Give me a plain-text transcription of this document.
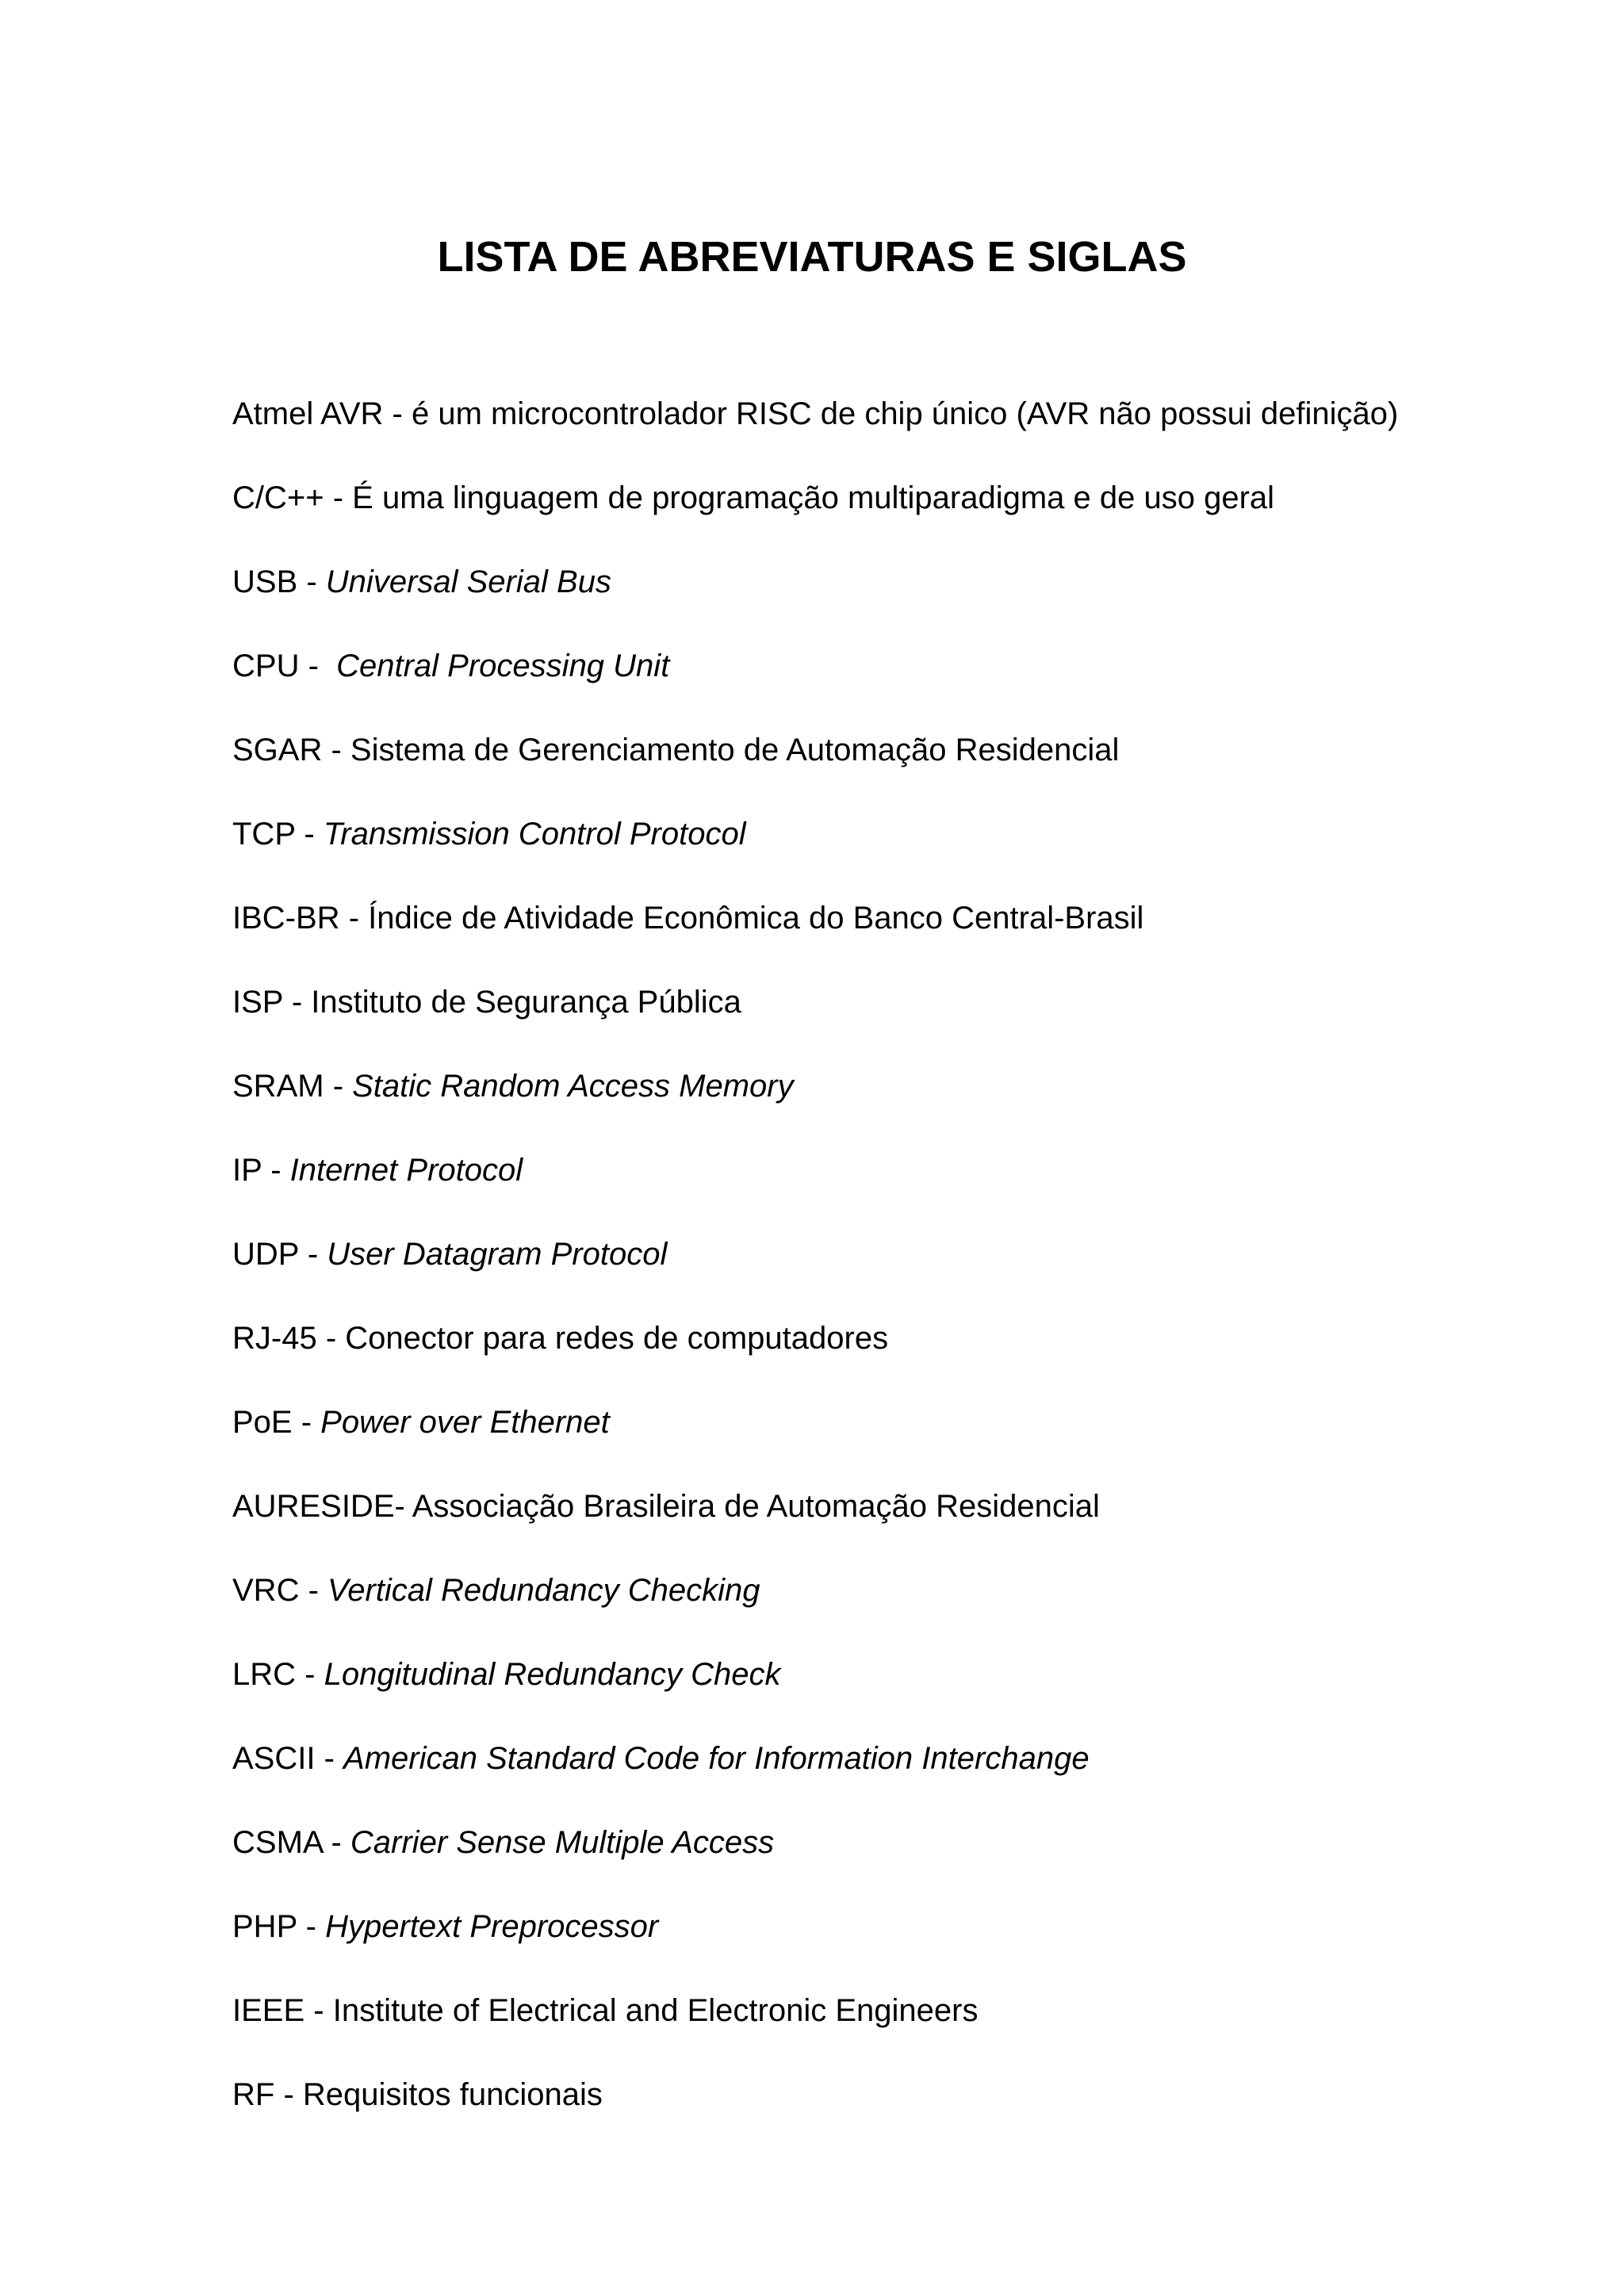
LISTA DE ABREVIATURAS E SIGLAS
Atmel AVR - é um microcontrolador RISC de chip único (AVR não possui definição)
C/C++ - É uma linguagem de programação multiparadigma e de uso geral
USB - Universal Serial Bus
CPU -  Central Processing Unit
SGAR - Sistema de Gerenciamento de Automação Residencial
TCP - Transmission Control Protocol
IBC-BR - Índice de Atividade Econômica do Banco Central-Brasil
ISP - Instituto de Segurança Pública
SRAM - Static Random Access Memory
IP - Internet Protocol
UDP - User Datagram Protocol
RJ-45 - Conector para redes de computadores
PoE - Power over Ethernet
AURESIDE- Associação Brasileira de Automação Residencial
VRC - Vertical Redundancy Checking
LRC - Longitudinal Redundancy Check
ASCII - American Standard Code for Information Interchange
CSMA - Carrier Sense Multiple Access
PHP - Hypertext Preprocessor
IEEE - Institute of Electrical and Electronic Engineers
RF - Requisitos funcionais
